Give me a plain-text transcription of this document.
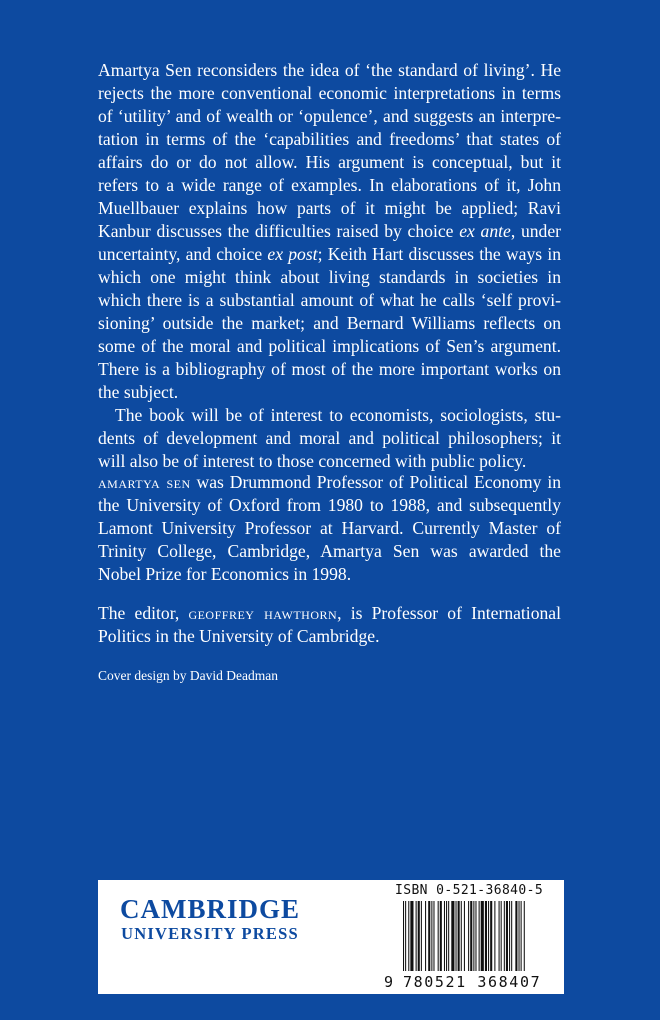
Amartya Sen reconsiders the idea of ‘the standard of living’. He rejects the more conventional economic interpretations in terms of ‘utility’ and of wealth or ‘opulence’, and suggests an interpretation in terms of the ‘capabilities and freedoms’ that states of affairs do or do not allow. His argument is conceptual, but it refers to a wide range of examples. In elaborations of it, John Muellbauer explains how parts of it might be applied; Ravi Kanbur discusses the difficulties raised by choice ex ante, under uncertainty, and choice ex post; Keith Hart discusses the ways in which one might think about living standards in societies in which there is a substantial amount of what he calls ‘self provisioning’ outside the market; and Bernard Williams reflects on some of the moral and political implications of Sen’s argument. There is a bibliography of most of the more important works on the subject.

The book will be of interest to economists, sociologists, students of development and moral and political philosophers; it will also be of interest to those concerned with public policy.

amartya sen was Drummond Professor of Political Economy in the University of Oxford from 1980 to 1988, and subsequently Lamont University Professor at Harvard. Currently Master of Trinity College, Cambridge, Amartya Sen was awarded the Nobel Prize for Economics in 1998.

The editor, geoffrey hawthorn, is Professor of International Politics in the University of Cambridge.

Cover design by David Deadman
CAMBRIDGE
UNIVERSITY PRESS
ISBN 0-521-36840-5
9 780521 368407
